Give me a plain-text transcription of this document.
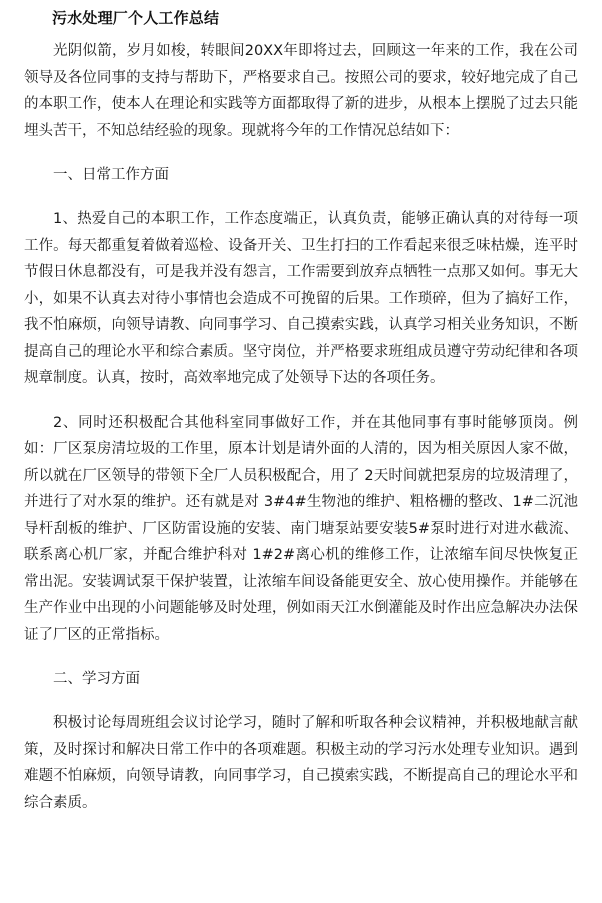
污水处理厂个人工作总结

光阴似箭，岁月如梭，转眼间20XX年即将过去，回顾这一年来的工作，我在公司领导及各位同事的支持与帮助下，严格要求自己。按照公司的要求，较好地完成了自己的本职工作，使本人在理论和实践等方面都取得了新的进步，从根本上摆脱了过去只能埋头苦干，不知总结经验的现象。现就将今年的工作情况总结如下：

一、日常工作方面

1、热爱自己的本职工作，工作态度端正，认真负责，能够正确认真的对待每一项工作。每天都重复着做着巡检、设备开关、卫生打扫的工作看起来很乏味枯燥，连平时节假日休息都没有，可是我并没有怨言，工作需要到放弃点牺牲一点那又如何。事无大小，如果不认真去对待小事情也会造成不可挽留的后果。工作琐碎，但为了搞好工作，我不怕麻烦，向领导请教、向同事学习、自己摸索实践，认真学习相关业务知识，不断提高自己的理论水平和综合素质。坚守岗位，并严格要求班组成员遵守劳动纪律和各项规章制度。认真，按时，高效率地完成了处领导下达的各项任务。

2、同时还积极配合其他科室同事做好工作，并在其他同事有事时能够顶岗。例如：厂区泵房清垃圾的工作里，原本计划是请外面的人清的，因为相关原因人家不做，所以就在厂区领导的带领下全厂人员积极配合，用了 2天时间就把泵房的垃圾清理了，并进行了对水泵的维护。还有就是对 3#4#生物池的维护、粗格栅的整改、1#二沉池导杆刮板的维护、厂区防雷设施的安装、南门塘泵站要安装5#泵时进行对进水截流、联系离心机厂家，并配合维护科对 1#2#离心机的维修工作，让浓缩车间尽快恢复正常出泥。安装调试泵干保护装置，让浓缩车间设备能更安全、放心使用操作。并能够在生产作业中出现的小问题能够及时处理，例如雨天江水倒灌能及时作出应急解决办法保证了厂区的正常指标。

二、学习方面

积极讨论每周班组会议讨论学习，随时了解和听取各种会议精神，并积极地献言献策，及时探讨和解决日常工作中的各项难题。积极主动的学习污水处理专业知识。遇到难题不怕麻烦，向领导请教，向同事学习，自己摸索实践，不断提高自己的理论水平和综合素质。
